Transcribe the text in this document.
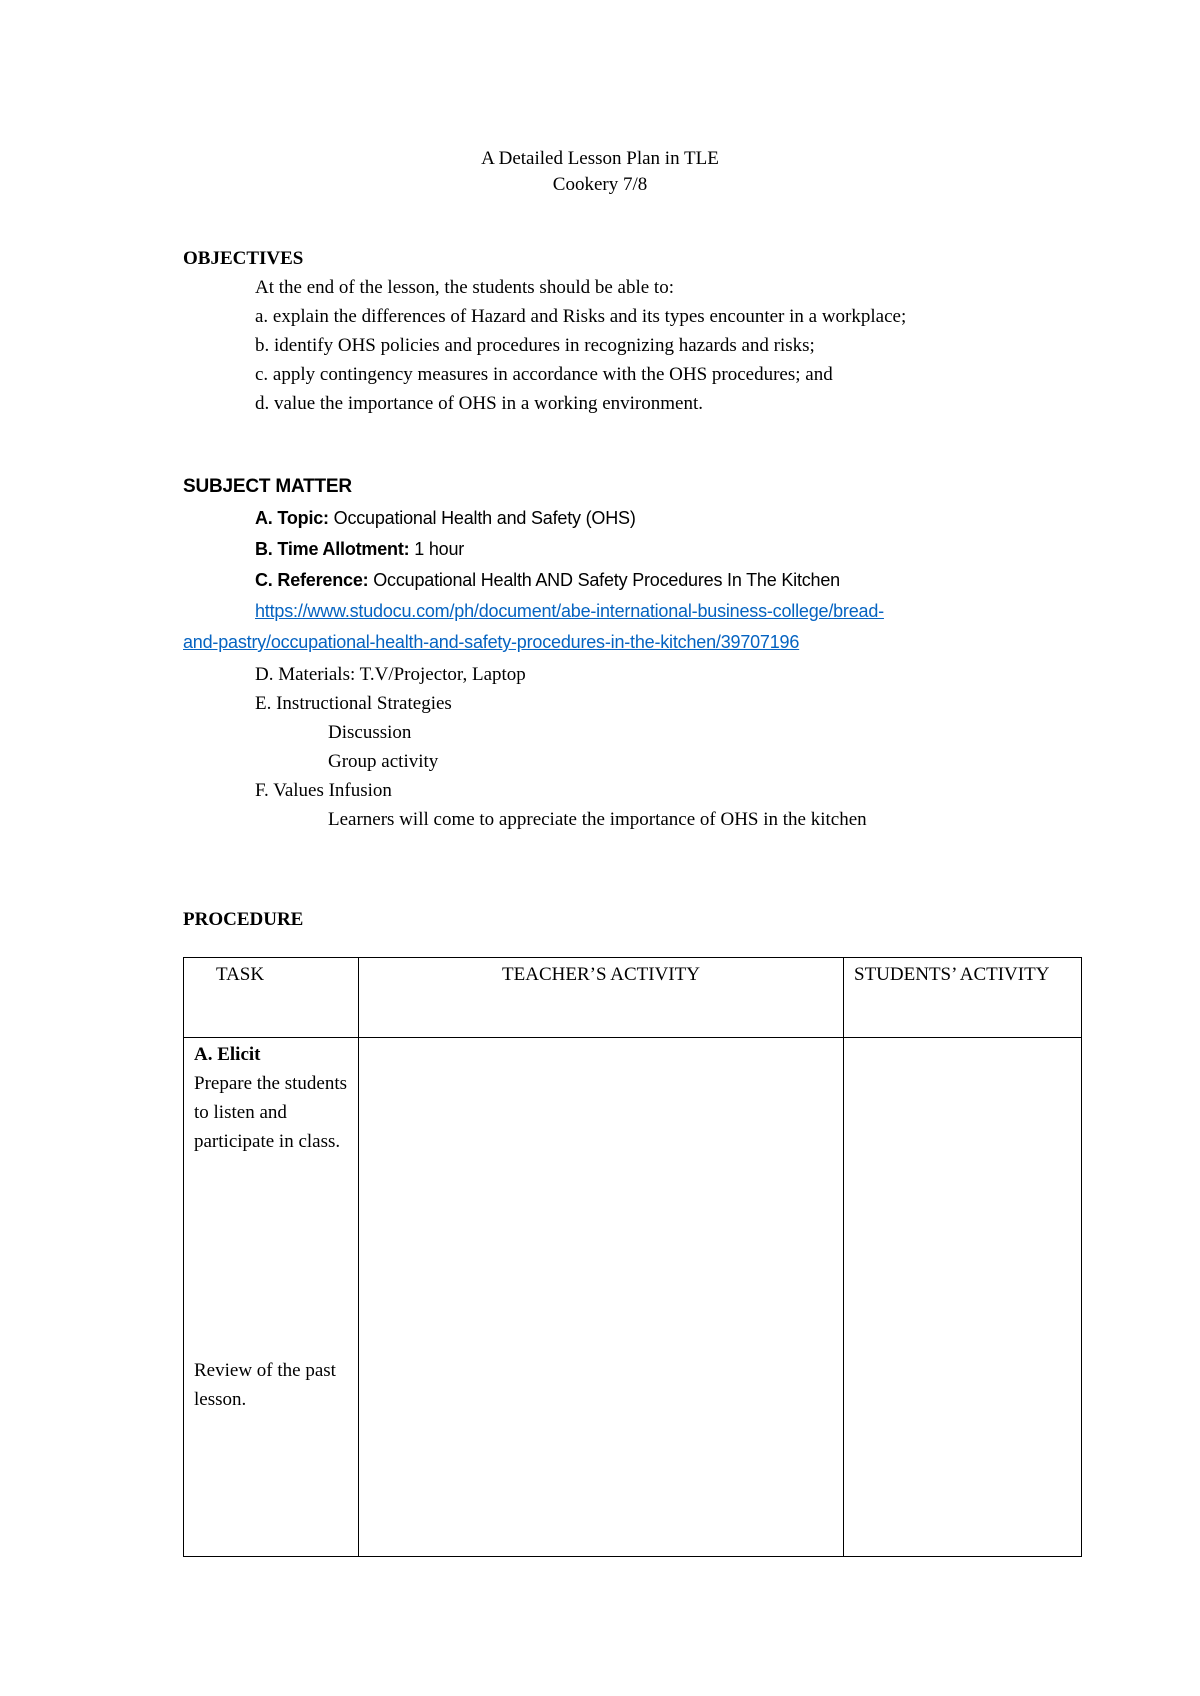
A Detailed Lesson Plan in TLE
Cookery 7/8
OBJECTIVES
At the end of the lesson, the students should be able to:
a. explain the differences of Hazard and Risks and its types encounter in a workplace;
b. identify OHS policies and procedures in recognizing hazards and risks;
c. apply contingency measures in accordance with the OHS procedures; and
d. value the importance of OHS in a working environment.
SUBJECT MATTER
A. Topic: Occupational Health and Safety (OHS)
B. Time Allotment: 1 hour
C. Reference: Occupational Health AND Safety Procedures In The Kitchen
https://www.studocu.com/ph/document/abe-international-business-college/bread-
and-pastry/occupational-health-and-safety-procedures-in-the-kitchen/39707196
D. Materials: T.V/Projector, Laptop
E. Instructional Strategies
Discussion
Group activity
F. Values Infusion
Learners will come to appreciate the importance of OHS in the kitchen
PROCEDURE
TASK	TEACHER’S ACTIVITY	STUDENTS’ ACTIVITY

A. Elicit
Prepare the students to listen and participate in class.
Review of the past lesson.		
